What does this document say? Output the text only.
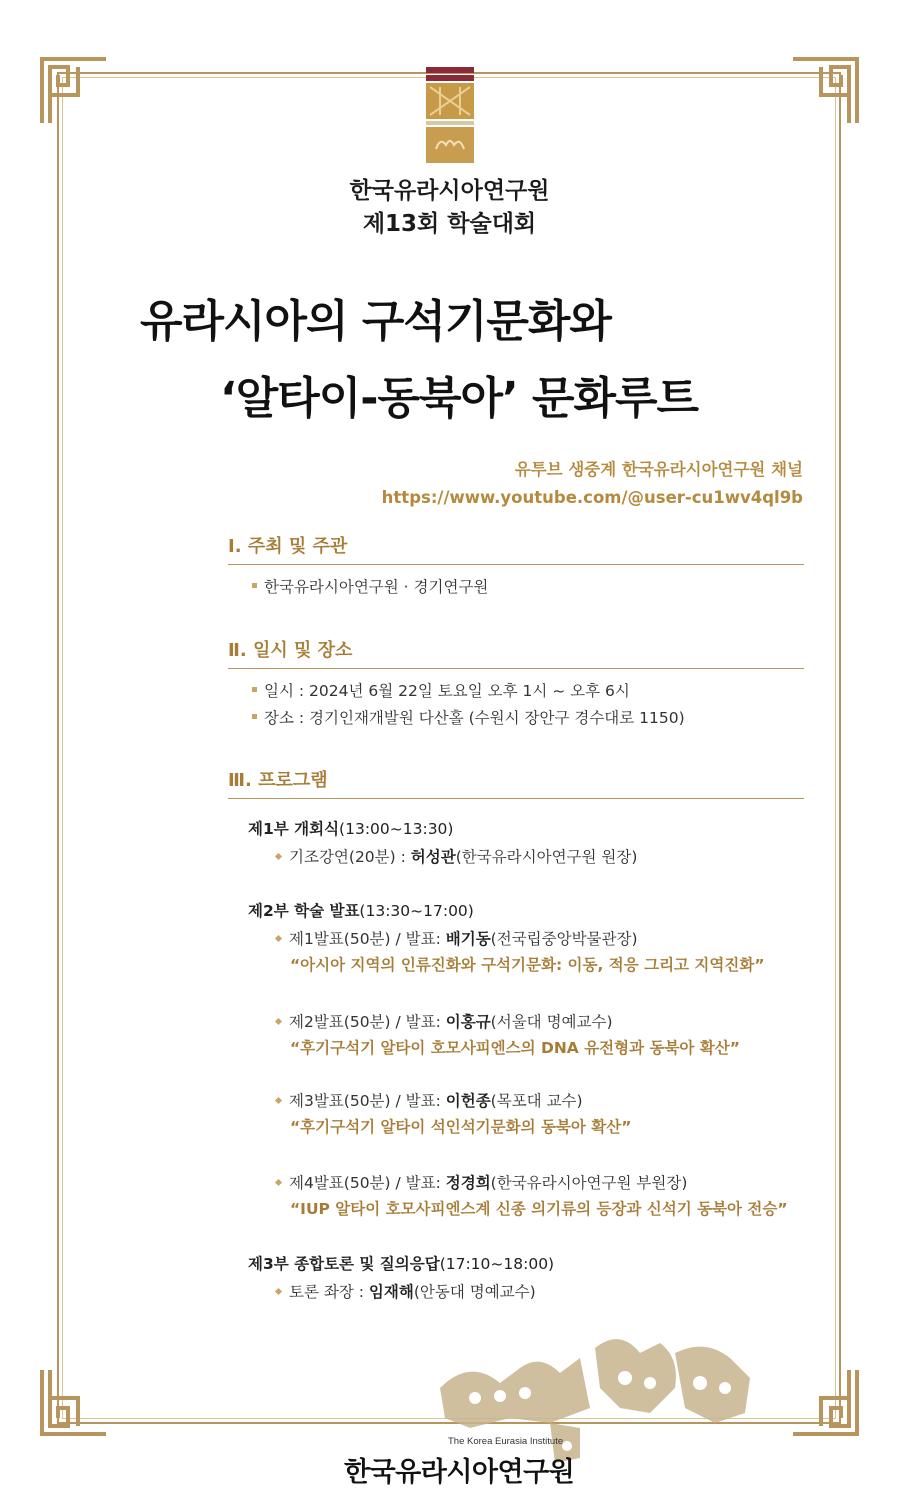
한국유라시아연구원
제13회 학술대회
유라시아의 구석기문화와
‘알타이-동북아’ 문화루트
유투브 생중계 한국유라시아연구원 채널
https://www.youtube.com/@user-cu1wv4ql9b
Ⅰ. 주최 및 주관
한국유라시아연구원 · 경기연구원
Ⅱ. 일시 및 장소
일시 : 2024년 6월 22일 토요일 오후 1시 ~ 오후 6시
장소 : 경기인재개발원 다산홀 (수원시 장안구 경수대로 1150)
Ⅲ. 프로그램
제1부 개회식(13:00~13:30)
기조강연(20분) : 허성관(한국유라시아연구원 원장)
제2부 학술 발표(13:30~17:00)
제1발표(50분) / 발표: 배기동(전국립중앙박물관장)
“아시아 지역의 인류진화와 구석기문화: 이동, 적응 그리고 지역진화”
제2발표(50분) / 발표: 이홍규(서울대 명예교수)
“후기구석기 알타이 호모사피엔스의 DNA 유전형과 동북아 확산”
제3발표(50분) / 발표: 이헌종(목포대 교수)
“후기구석기 알타이 석인석기문화의 동북아 확산”
제4발표(50분) / 발표: 정경희(한국유라시아연구원 부원장)
“IUP 알타이 호모사피엔스계 신종 의기류의 등장과 신석기 동북아 전승”
제3부 종합토론 및 질의응답(17:10~18:00)
토론 좌장 : 임재해(안동대 명예교수)
The Korea Eurasia Institute
한국유라시아연구원
